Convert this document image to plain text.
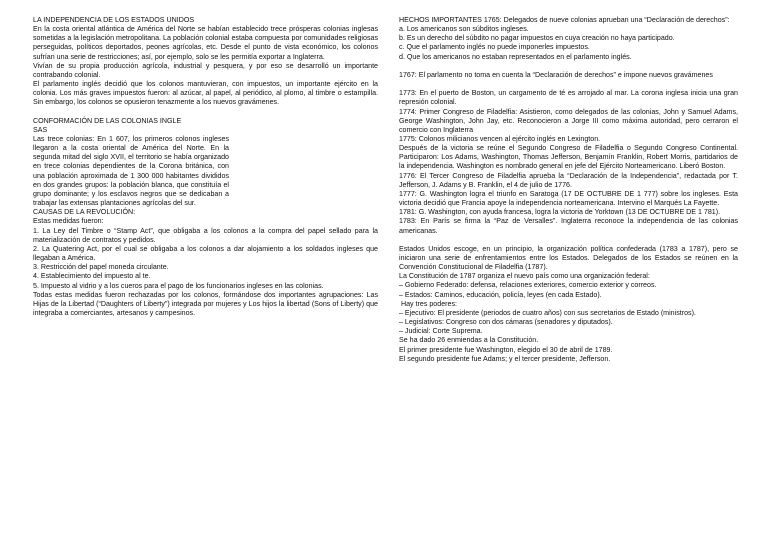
LA INDEPENDENCIA DE LOS ESTADOS UNIDOS

En la costa oriental atlántica de América del Norte se habían establecido trece prósperas colonias inglesas sometidas a la legislación metropolitana. La población colonial estaba compuesta por comunidades religiosas perseguidas, políticos deportados, peones agrícolas, etc. Desde el punto de vista económico, los colonos sufrían una serie de restricciones; así, por ejemplo, solo se les permitía exportar a Inglaterra.

Vivían de su propia producción agrícola, industrial y pesquera, y por eso se desarrolló un importante contrabando colonial.

El parlamento inglés decidió que los colonos mantuvieran, con impuestos, un importante ejército en la colonia. Los más graves impuestos fueron: al azúcar, al papel, al periódico, al plomo, al timbre o estampilla. Sin embargo, los colonos se opusieron tenazmente a los nuevos gravámenes.

CONFORMACIÓN DE LAS COLONIAS INGLE
SAS

Las trece colonias: En 1 607, los primeros colonos ingleses llegaron a la costa oriental de América del Norte. En la segunda mitad del siglo XVII, el territorio se había organizado en trece colonias dependientes de la Corona británica, con una población aproximada de 1 300 000 habitantes divididos en dos grandes grupos: la población blanca, que constituía el grupo dominante; y los esclavos negros que se dedicaban a trabajar las extensas plantaciones agrícolas del sur.

CAUSAS DE LA REVOLUCIÓN:
Estas medidas fueron:

1. La Ley del Timbre o “Stamp Act”, que obligaba a los colonos a la compra del papel sellado para la materialización de contratos y pedidos.

2. La Quatering Act, por el cual se obligaba a los colonos a dar alojamiento a los soldados ingleses que llegaban a América.

3. Restricción del papel moneda circulante.

4. Establecimiento del impuesto al te.

5. Impuesto al vidrio y a los cueros para el pago de los funcionarios ingleses en las colonias.

Todas estas medidas fueron rechazadas por los colonos, formándose dos importantes agrupaciones: Las Hijas de la Libertad (“Daughters of Liberty”) integrada por mujeres y Los hijos la libertad (Sons of Liberty) que integraba a comerciantes, artesanos y campesinos.

HECHOS IMPORTANTES 1765: Delegados de nueve colonias aprueban una “Declaración de derechos”:

a. Los americanos son súbditos ingleses.

b. Es un derecho del súbdito no pagar impuestos en cuya creación no haya participado.

c. Que el parlamento inglés no puede imponerles impuestos.

d. Que los americanos no estaban representados en el parlamento inglés.

1767: El parlamento no toma en cuenta la “Declaración de derechos” e impone nuevos gravámenes

1773: En el puerto de Boston, un cargamento de té es arrojado al mar. La corona inglesa inicia una gran represión colonial.

1774: Primer Congreso de Filadelfia: Asistieron, como delegados de las colonias, John y Samuel Adams, George Washington, John Jay, etc. Reconocieron a Jorge III como máxima autoridad, pero cerraron el comercio con Inglaterra

1775: Colonos milicianos vencen al ejército inglés en Lexington.

Después de la victoria se reúne el Segundo Congreso de Filadelfia o Segundo Congreso Continental. Participaron: Los Adams, Washington, Thomas Jefferson, Benjamín Franklin, Robert Morris, partidarios de la independencia. Washington es nombrado general en jefe del Ejército Norteamericano. Liberó Boston.

1776: El Tercer Congreso de Filadelfia aprueba la “Declaración de la Independencia”, redactada por T. Jefferson, J. Adams y B. Franklin, el 4 de julio de 1776.

1777: G. Washington logra el triunfo en Saratoga (17 DE OCTUBRE DE 1 777) sobre los ingleses. Esta victoria decidió que Francia apoye la independencia norteamericana. Intervino el Marqués La Fayette.

1781: G. Washington, con ayuda francesa, logra la victoria de Yorktown (13 DE OCTUBRE DE 1 781).

1783: En París se firma la “Paz de Versalles”. Inglaterra reconoce la independencia de las colonias americanas.

Estados Unidos escoge, en un principio, la organización política confederada (1783 a 1787), pero se iniciaron una serie de enfrentamientos entre los Estados. Delegados de los Estados se reúnen en la Convención Constitucional de Filadelfia (1787).

La Constitución de 1787 organiza el nuevo país como una organización federal:

– Gobierno Federado: defensa, relaciones exteriores, comercio exterior y correos.

– Estados: Caminos, educación, policía, leyes (en cada Estado).

Hay tres poderes:

– Ejecutivo: El presidente (periodos de cuatro años) con sus secretarios de Estado (ministros).

– Legislativos: Congreso con dos cámaras (senadores y diputados).

– Judicial: Corte Suprema.

Se ha dado 26 enmiendas a la Constitución.

El primer presidente fue Washington, elegido el 30 de abril de 1789.

El segundo presidente fue Adams; y el tercer presidente, Jefferson.
